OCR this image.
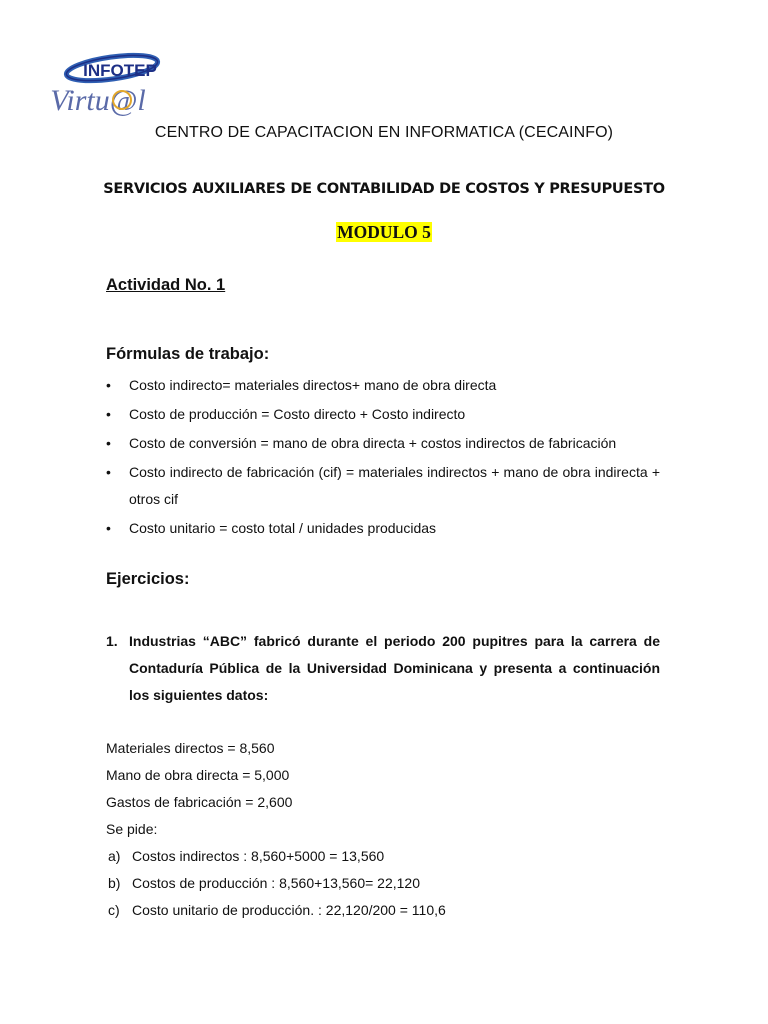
INFOTEP
Virtu@l
CENTRO DE CAPACITACION EN INFORMATICA (CECAINFO)
SERVICIOS AUXILIARES DE CONTABILIDAD DE COSTOS Y PRESUPUESTO
MODULO 5
Actividad No. 1
Fórmulas de trabajo:
• Costo indirecto= materiales directos+ mano de obra directa
• Costo de producción = Costo directo + Costo indirecto
• Costo de conversión = mano de obra directa + costos indirectos de fabricación
• Costo indirecto de fabricación (cif) = materiales indirectos + mano de obra indirecta + otros cif
• Costo unitario = costo total / unidades producidas
Ejercicios:
1. Industrias “ABC” fabricó durante el periodo 200 pupitres para la carrera de Contaduría Pública de la Universidad Dominicana y presenta a continuación los siguientes datos:
Materiales directos = 8,560
Mano de obra directa = 5,000
Gastos de fabricación = 2,600
Se pide:
a) Costos indirectos : 8,560+5000 = 13,560
b) Costos de producción : 8,560+13,560= 22,120
c) Costo unitario de producción. : 22,120/200 = 110,6
